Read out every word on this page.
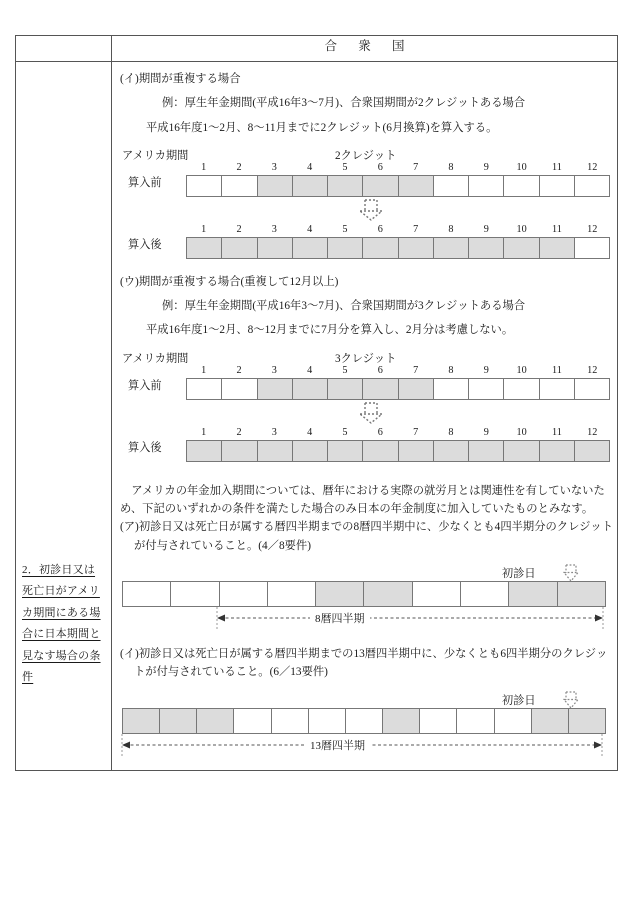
	合　衆　国

2．初診日又は死亡日がアメリカ期間にある場合に日本期間と見なす場合の条件

(イ)期間が重複する場合
例：厚生年金期間(平成16年3〜7月)、合衆国期間が2クレジットある場合
平成16年度1〜2月、8〜11月までに2クレジット(6月換算)を算入する。
アメリカ期間	2クレジット
算入前
1	2	3	4	5	6	7	8	9	10	11	12
算入後
1	2	3	4	5	6	7	8	9	10	11	12
(ウ)期間が重複する場合(重複して12月以上)
例：厚生年金期間(平成16年3〜7月)、合衆国期間が3クレジットある場合
平成16年度1〜2月、8〜12月までに7月分を算入し、2月分は考慮しない。
アメリカ期間	3クレジット
算入前
1	2	3	4	5	6	7	8	9	10	11	12
算入後
1	2	3	4	5	6	7	8	9	10	11	12
　アメリカの年金加入期間については、暦年における実際の就労月とは関連性を有していないた
め、下記のいずれかの条件を満たした場合のみ日本の年金制度に加入していたものとみなす。
(ア)初診日又は死亡日が属する暦四半期までの8暦四半期中に、少なくとも4四半期分のクレジット
が付与されていること。(4／8要件)
初診日
8暦四半期
(イ)初診日又は死亡日が属する暦四半期までの13暦四半期中に、少なくとも6四半期分のクレジッ
トが付与されていること。(6／13要件)
初診日
13暦四半期
